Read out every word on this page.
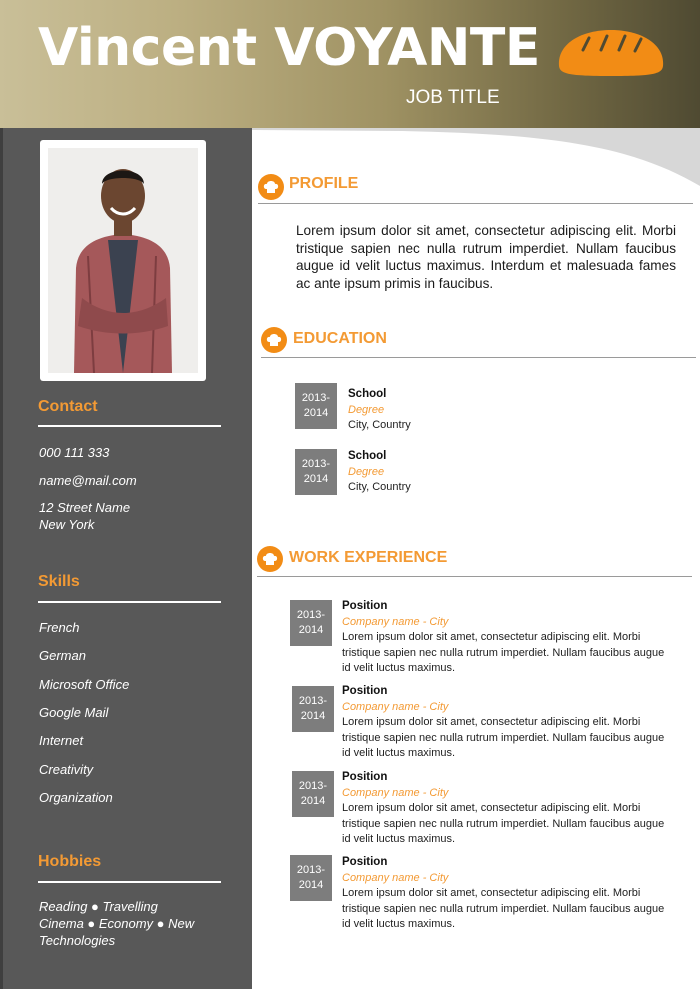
Vincent VOYANTE
JOB TITLE
Contact
000 111 333
name@mail.com
12 Street Name
New York
Skills
French
German
Microsoft Office
Google Mail
Internet
Creativity
Organization
Hobbies
Reading ● Travelling
Cinema ● Economy ● New
Technologies
PROFILE
Lorem ipsum dolor sit amet, consectetur adipiscing elit. Morbi tristique sapien nec nulla rutrum imperdiet. Nullam faucibus augue id velit luctus maximus. Interdum et malesuada fames ac ante ipsum primis in faucibus.
EDUCATION
2013-
2014
School
Degree
City, Country
2013-
2014
School
Degree
City, Country
WORK EXPERIENCE
2013-
2014
Position
Company name - City
Lorem ipsum dolor sit amet, consectetur adipiscing elit. Morbi tristique sapien nec nulla rutrum imperdiet. Nullam faucibus augue id velit luctus maximus.
2013-
2014
Position
Company name - City
Lorem ipsum dolor sit amet, consectetur adipiscing elit. Morbi tristique sapien nec nulla rutrum imperdiet. Nullam faucibus augue id velit luctus maximus.
2013-
2014
Position
Company name - City
Lorem ipsum dolor sit amet, consectetur adipiscing elit. Morbi tristique sapien nec nulla rutrum imperdiet. Nullam faucibus augue id velit luctus maximus.
2013-
2014
Position
Company name - City
Lorem ipsum dolor sit amet, consectetur adipiscing elit. Morbi tristique sapien nec nulla rutrum imperdiet. Nullam faucibus augue id velit luctus maximus.
